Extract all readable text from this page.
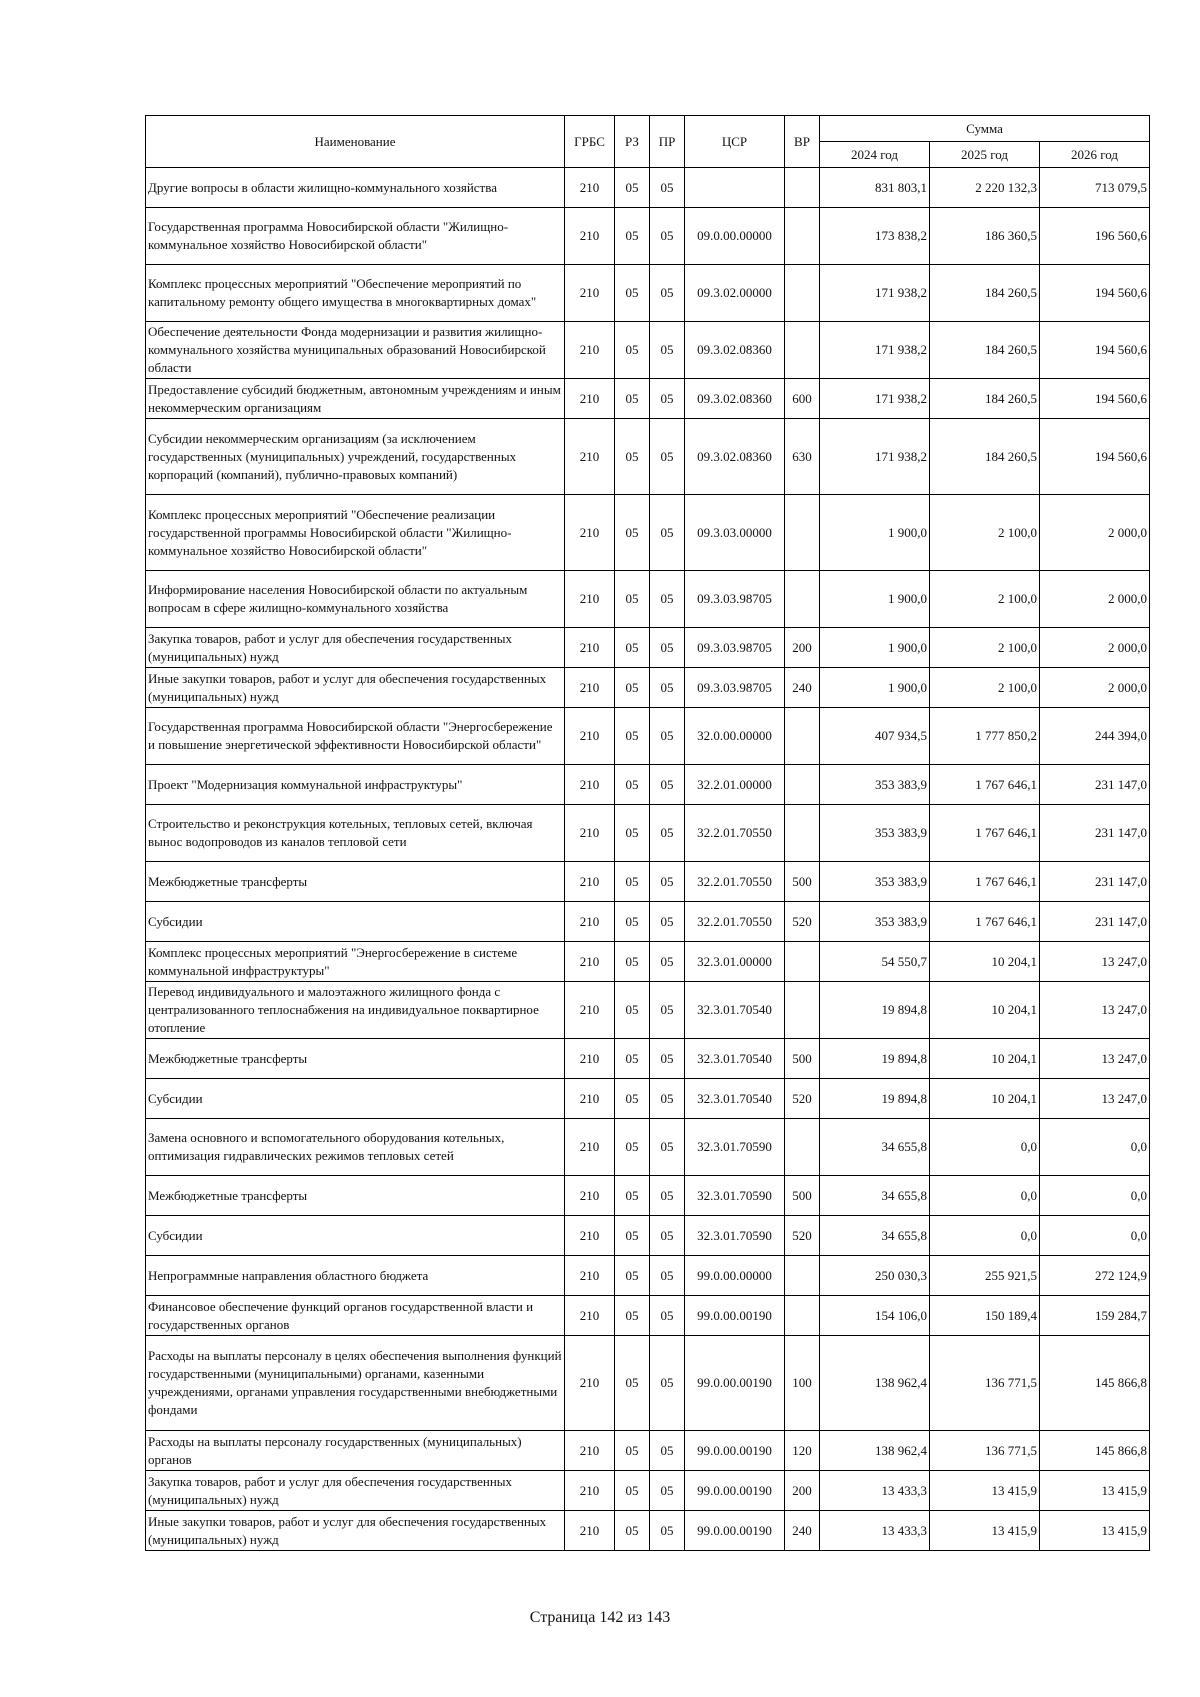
Наименование	ГРБС	РЗ	ПР	ЦСР	ВР	Сумма		
						2024 год	2025 год	2026 год
Другие вопросы в области жилищно-коммунального хозяйства	210	05	05			831 803,1	2 220 132,3	713 079,5
Государственная программа Новосибирской области "Жилищно-коммунальное хозяйство Новосибирской области"	210	05	05	09.0.00.00000		173 838,2	186 360,5	196 560,6
Комплекс процессных мероприятий "Обеспечение мероприятий по капитальному ремонту общего имущества в многоквартирных домах"	210	05	05	09.3.02.00000		171 938,2	184 260,5	194 560,6
Обеспечение деятельности Фонда модернизации и развития жилищно-коммунального хозяйства муниципальных образований Новосибирской области	210	05	05	09.3.02.08360		171 938,2	184 260,5	194 560,6
Предоставление субсидий бюджетным, автономным учреждениям и иным некоммерческим организациям	210	05	05	09.3.02.08360	600	171 938,2	184 260,5	194 560,6
Субсидии некоммерческим организациям (за исключением государственных (муниципальных) учреждений, государственных корпораций (компаний), публично-правовых компаний)	210	05	05	09.3.02.08360	630	171 938,2	184 260,5	194 560,6
Комплекс процессных мероприятий "Обеспечение реализации государственной программы Новосибирской области "Жилищно-коммунальное хозяйство Новосибирской области"	210	05	05	09.3.03.00000		1 900,0	2 100,0	2 000,0
Информирование населения Новосибирской области по актуальным вопросам в сфере жилищно-коммунального хозяйства	210	05	05	09.3.03.98705		1 900,0	2 100,0	2 000,0
Закупка товаров, работ и услуг для обеспечения государственных (муниципальных) нужд	210	05	05	09.3.03.98705	200	1 900,0	2 100,0	2 000,0
Иные закупки товаров, работ и услуг для обеспечения государственных (муниципальных) нужд	210	05	05	09.3.03.98705	240	1 900,0	2 100,0	2 000,0
Государственная программа Новосибирской области "Энергосбережение и повышение энергетической эффективности Новосибирской области"	210	05	05	32.0.00.00000		407 934,5	1 777 850,2	244 394,0
Проект "Модернизация коммунальной инфраструктуры"	210	05	05	32.2.01.00000		353 383,9	1 767 646,1	231 147,0
Строительство и реконструкция котельных, тепловых сетей, включая вынос водопроводов из каналов тепловой сети	210	05	05	32.2.01.70550		353 383,9	1 767 646,1	231 147,0
Межбюджетные трансферты	210	05	05	32.2.01.70550	500	353 383,9	1 767 646,1	231 147,0
Субсидии	210	05	05	32.2.01.70550	520	353 383,9	1 767 646,1	231 147,0
Комплекс процессных мероприятий "Энергосбережение в системе коммунальной инфраструктуры"	210	05	05	32.3.01.00000		54 550,7	10 204,1	13 247,0
Перевод индивидуального и малоэтажного жилищного фонда с централизованного теплоснабжения на индивидуальное поквартирное отопление	210	05	05	32.3.01.70540		19 894,8	10 204,1	13 247,0
Межбюджетные трансферты	210	05	05	32.3.01.70540	500	19 894,8	10 204,1	13 247,0
Субсидии	210	05	05	32.3.01.70540	520	19 894,8	10 204,1	13 247,0
Замена основного и вспомогательного оборудования котельных, оптимизация гидравлических режимов тепловых сетей	210	05	05	32.3.01.70590		34 655,8	0,0	0,0
Межбюджетные трансферты	210	05	05	32.3.01.70590	500	34 655,8	0,0	0,0
Субсидии	210	05	05	32.3.01.70590	520	34 655,8	0,0	0,0
Непрограммные направления областного бюджета	210	05	05	99.0.00.00000		250 030,3	255 921,5	272 124,9
Финансовое обеспечение функций органов государственной власти и государственных органов	210	05	05	99.0.00.00190		154 106,0	150 189,4	159 284,7
Расходы на выплаты персоналу в целях обеспечения выполнения функций государственными (муниципальными) органами, казенными учреждениями, органами управления государственными внебюджетными фондами	210	05	05	99.0.00.00190	100	138 962,4	136 771,5	145 866,8
Расходы на выплаты персоналу государственных (муниципальных) органов	210	05	05	99.0.00.00190	120	138 962,4	136 771,5	145 866,8
Закупка товаров, работ и услуг для обеспечения государственных (муниципальных) нужд	210	05	05	99.0.00.00190	200	13 433,3	13 415,9	13 415,9
Иные закупки товаров, работ и услуг для обеспечения государственных (муниципальных) нужд	210	05	05	99.0.00.00190	240	13 433,3	13 415,9	13 415,9
Страница 142 из 143
